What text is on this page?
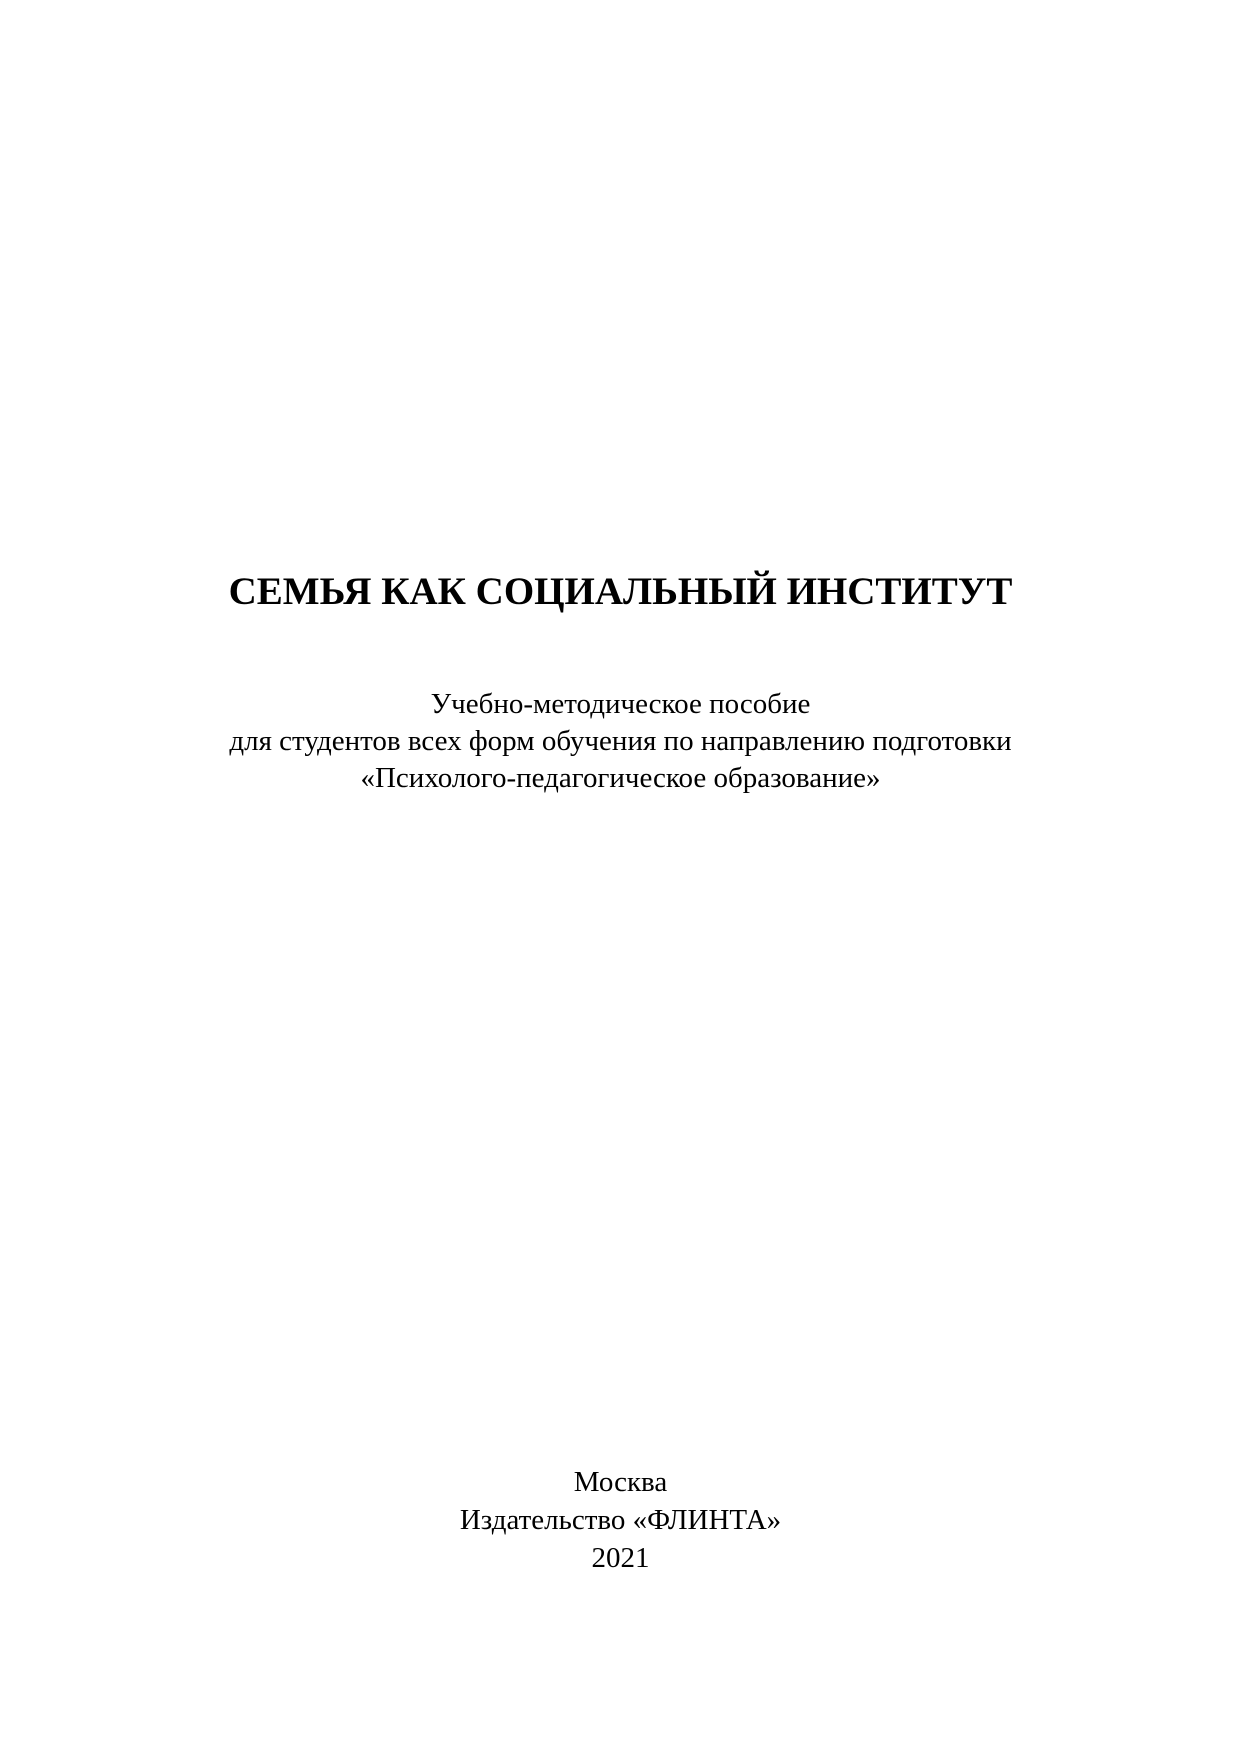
СЕМЬЯ КАК СОЦИАЛЬНЫЙ ИНСТИТУТ
Учебно-методическое пособие
для студентов всех форм обучения по направлению подготовки
«Психолого-педагогическое образование»
Москва
Издательство «ФЛИНТА»
2021
